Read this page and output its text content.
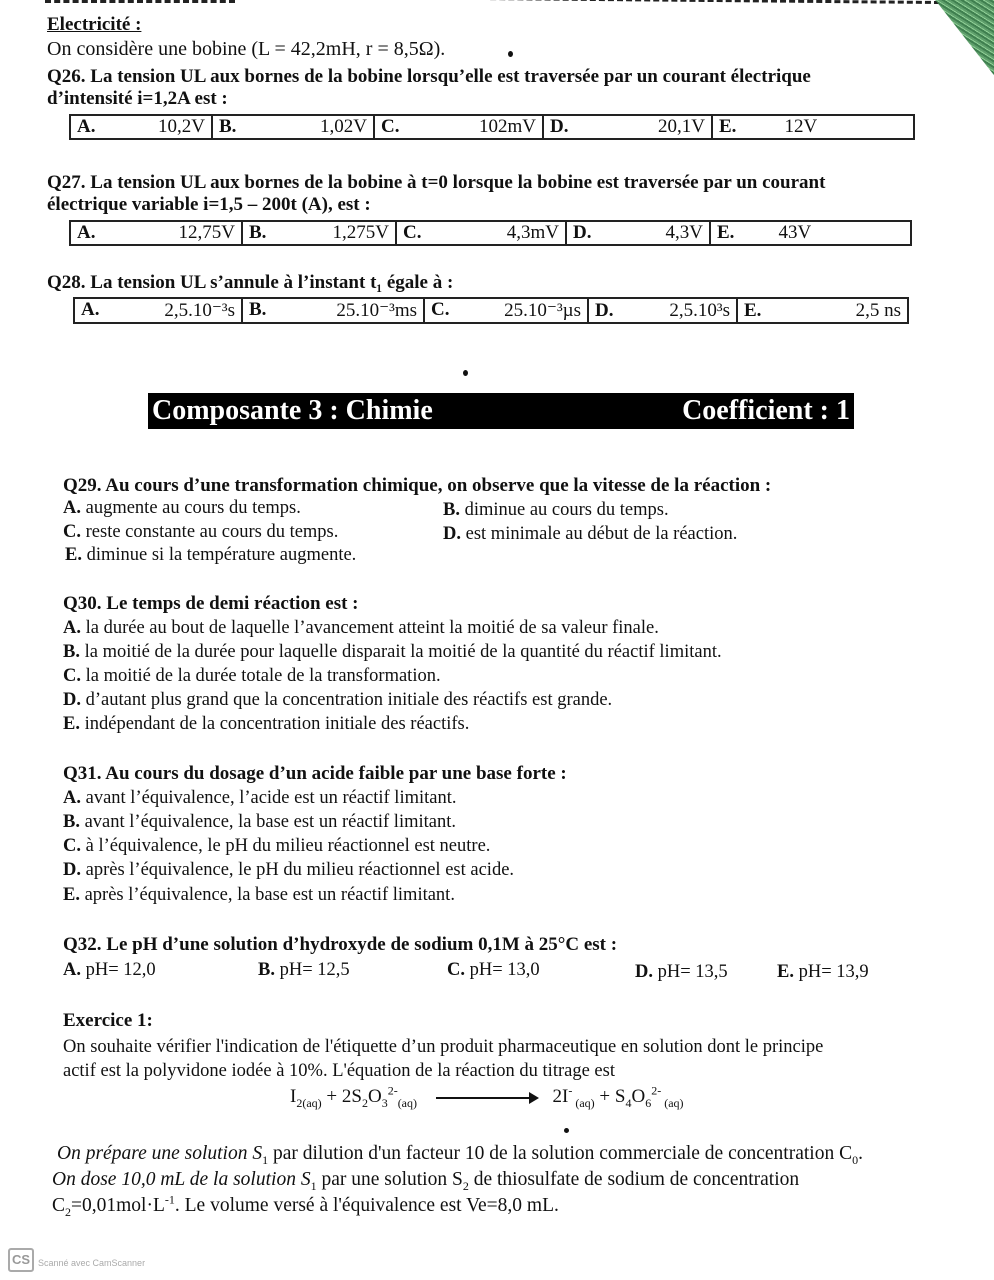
Electricité :
On considère une bobine (L = 42,2mH, r = 8,5Ω).
Q26. La tension UL aux bornes de la bobine lorsqu’elle est traversée par un courant électrique
d’intensité i=1,2A est :
A.	10,2V	B.	1,02V	C.	102mV	D.	20,1V	E.	12V
Q27. La tension UL aux bornes de la bobine à t=0 lorsque la bobine est traversée par un courant
électrique variable i=1,5 – 200t (A), est :
A.	12,75V	B.	1,275V	C.	4,3mV	D.	4,3V	E. 43V
Q28. La tension UL s’annule à l’instant t₁ égale à :
A.	2,5.10⁻³s	B.	25.10⁻³ms	C.	25.10⁻³µs	D.	2,5.10³s	E.	2,5 ns
Composante 3 : Chimie	Coefficient : 1
Q29. Au cours d’une transformation chimique, on observe que la vitesse de la réaction :
A. augmente au cours du temps.	B. diminue au cours du temps.
C. reste constante au cours du temps.	D. est minimale au début de la réaction.
E. diminue si la température augmente.
Q30. Le temps de demi réaction est :
A. la durée au bout de laquelle l’avancement atteint la moitié de sa valeur finale.
B. la moitié de la durée pour laquelle disparait la moitié de la quantité du réactif limitant.
C. la moitié de la durée totale de la transformation.
D. d’autant plus grand que la concentration initiale des réactifs est grande.
E. indépendant de la concentration initiale des réactifs.
Q31. Au cours du dosage d’un acide faible par une base forte :
A. avant l’équivalence, l’acide est un réactif limitant.
B. avant l’équivalence, la base est un réactif limitant.
C. à l’équivalence, le pH du milieu réactionnel est neutre.
D. après l’équivalence, le pH du milieu réactionnel est acide.
E. après l’équivalence, la base est un réactif limitant.
Q32. Le pH d’une solution d’hydroxyde de sodium 0,1M à 25°C est :
A. pH= 12,0	B. pH= 12,5	C. pH= 13,0	D. pH= 13,5	E. pH= 13,9
Exercice 1:
On souhaite vérifier l'indication de l'étiquette d’un produit pharmaceutique en solution dont le principe
actif est la polyvidone iodée à 10%. L'équation de la réaction du titrage est
$I_{2(aq)} + 2S_2O_3^{2-}_{(aq)}$	2I- $_{(aq)} + S_4O_6^{2-}$ $_{(aq)}$
On prépare une solution $S_1$ par dilution d'un facteur 10 de la solution commerciale de concentration $C_0$.
On dose 10,0 mL de la solution $S_1$ par une solution $S_2$ de thiosulfate de sodium de concentration
$C_2=0,01mol\cdot L^{-1}$. Le volume versé à l'équivalence est Ve=8,0 mL.
CS Scanné avec CamScanner
